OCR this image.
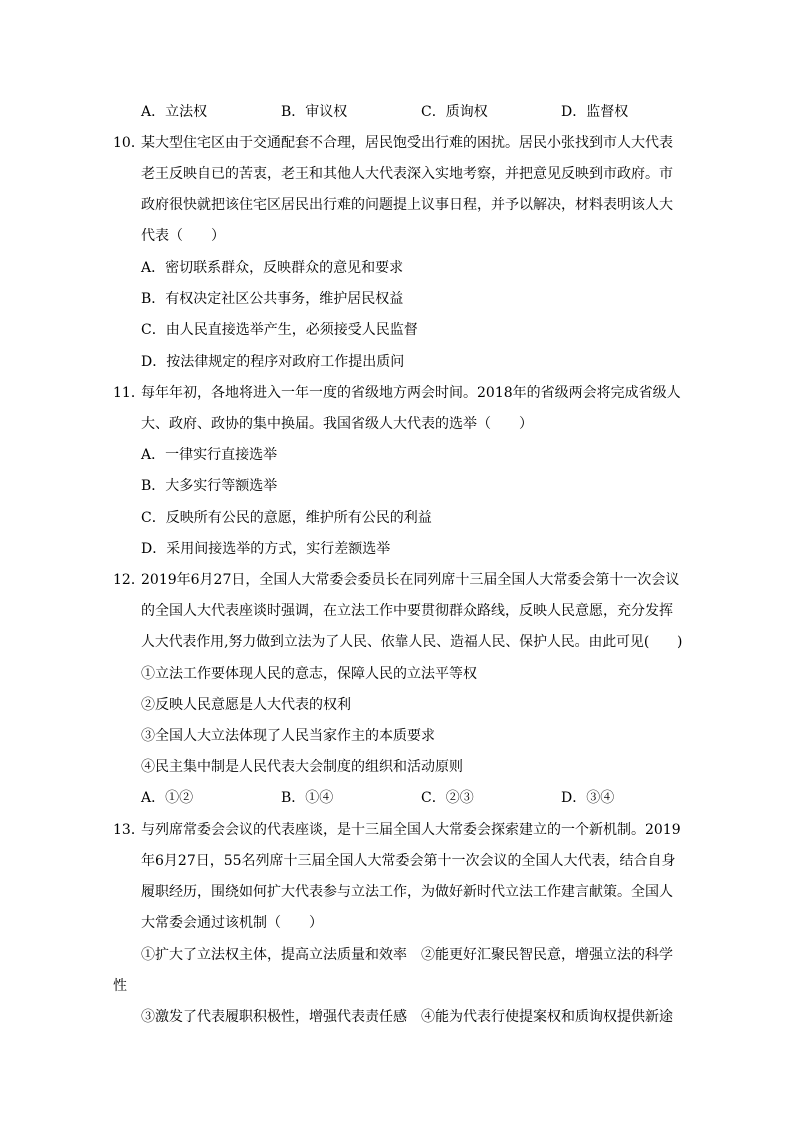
A．立法权	B．审议权	C．质询权	D．监督权
10．
某大型住宅区由于交通配套不合理，居民饱受出行难的困扰。居民小张找到市人大代表
老王反映自已的苦衷，老王和其他人大代表深入实地考察，并把意见反映到市政府。市
政府很快就把该住宅区居民出行难的问题提上议事日程，并予以解决，材料表明该人大
代表（　　）
A．密切联系群众，反映群众的意见和要求
B．有权决定社区公共事务，维护居民权益
C．由人民直接选举产生，必须接受人民监督
D．按法律规定的程序对政府工作提出质问
11．
每年年初，各地将进入一年一度的省级地方两会时间。2018年的省级两会将完成省级人
大、政府、政协的集中换届。我国省级人大代表的选举（　　）
A．一律实行直接选举
B．大多实行等额选举
C．反映所有公民的意愿，维护所有公民的利益
D．采用间接选举的方式，实行差额选举
12．
2019年6月27日，全国人大常委会委员长在同列席十三届全国人大常委会第十一次会议
的全国人大代表座谈时强调，在立法工作中要贯彻群众路线，反映人民意愿，充分发挥
人大代表作用,努力做到立法为了人民、依靠人民、造福人民、保护人民。由此可见(　　)
①立法工作要体现人民的意志，保障人民的立法平等权
②反映人民意愿是人大代表的权利
③全国人大立法体现了人民当家作主的本质要求
④民主集中制是人民代表大会制度的组织和活动原则
A．①②	B．①④	C．②③	D．③④
13．
与列席常委会会议的代表座谈，是十三届全国人大常委会探索建立的一个新机制。2019
年6月27日，55名列席十三届全国人大常委会第十一次会议的全国人大代表，结合自身
履职经历，围绕如何扩大代表参与立法工作，为做好新时代立法工作建言献策。全国人
大常委会通过该机制（　　）
①扩大了立法权主体，提高立法质量和效率　②能更好汇聚民智民意，增强立法的科学
性
③激发了代表履职积极性，增强代表责任感　④能为代表行使提案权和质询权提供新途
